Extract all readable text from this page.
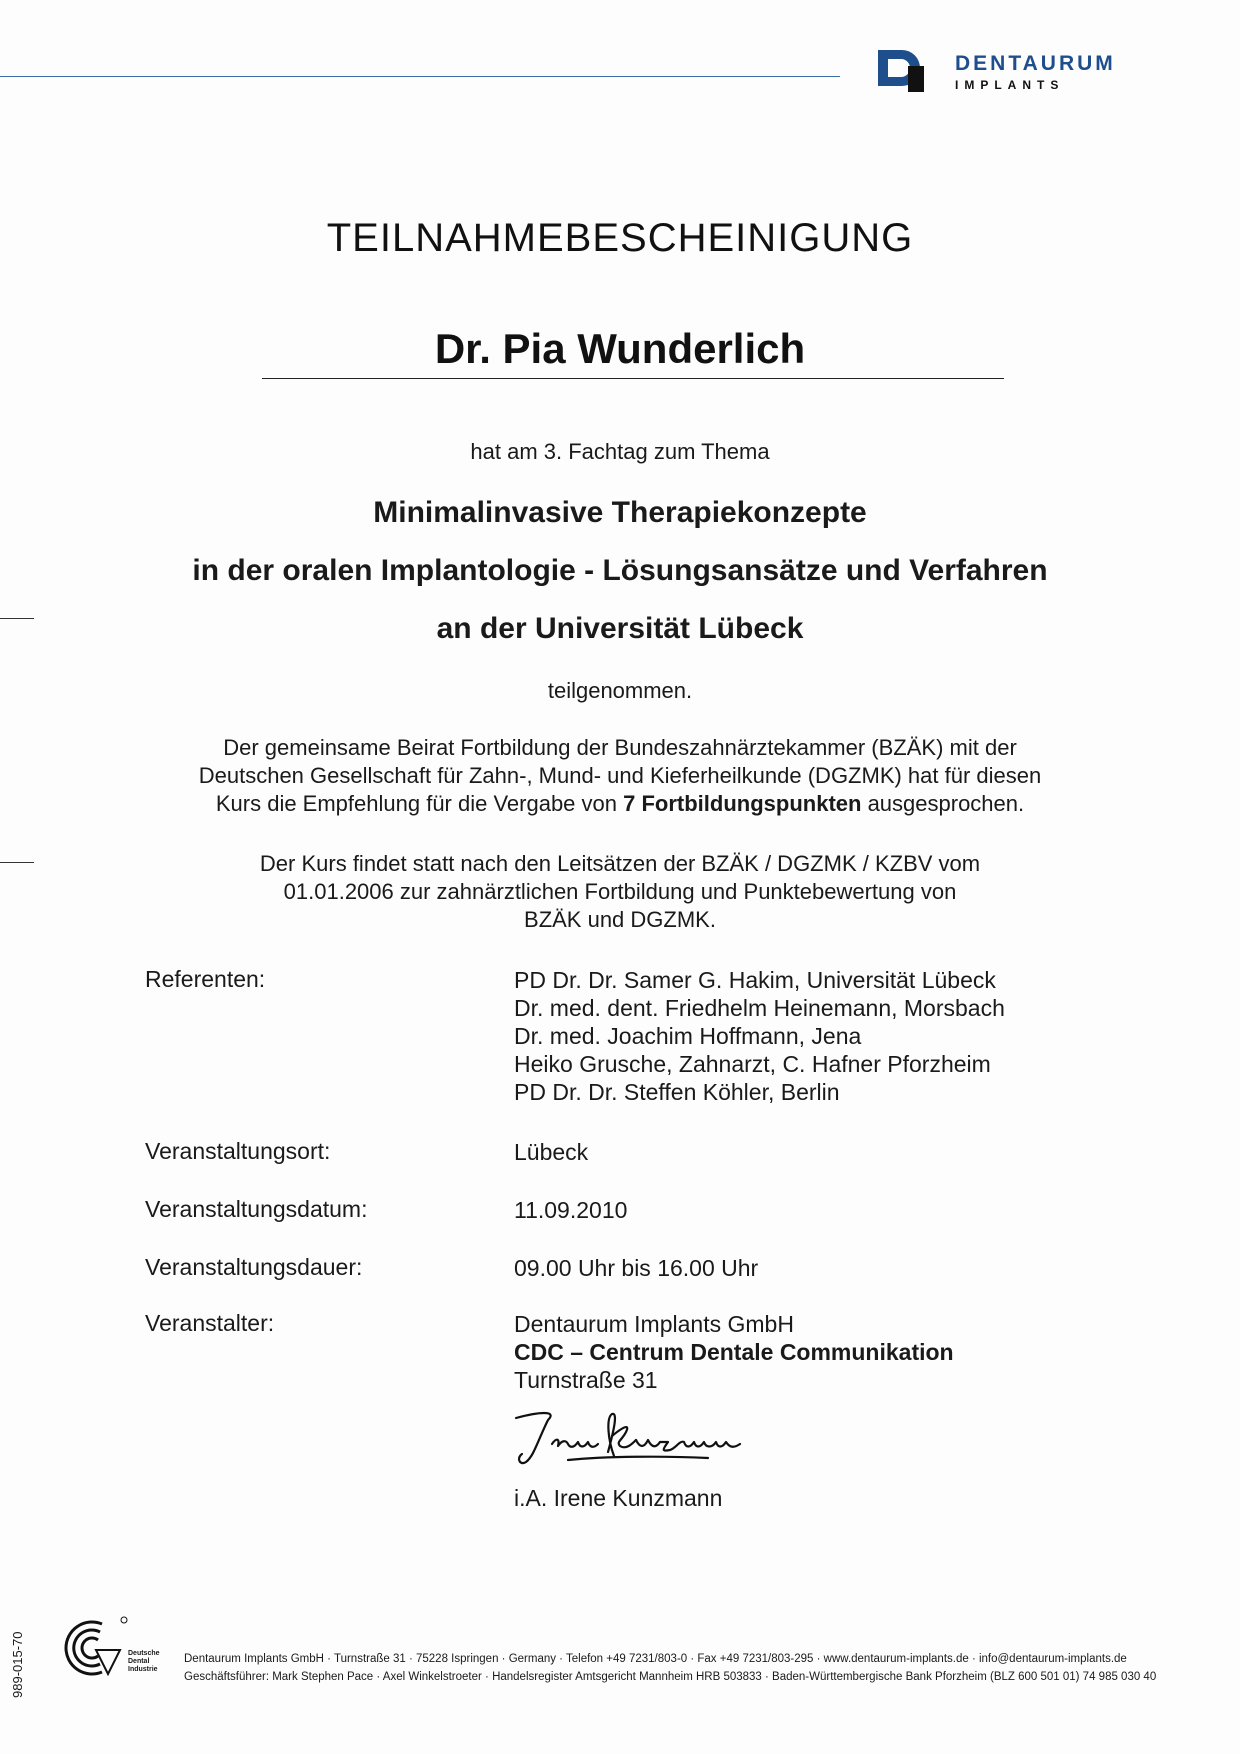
DENTAURUM
IMPLANTS
TEILNAHMEBESCHEINIGUNG
Dr. Pia Wunderlich
hat am 3. Fachtag zum Thema
Minimalinvasive Therapiekonzepte
in der oralen Implantologie - Lösungsansätze und Verfahren
an der Universität Lübeck
teilgenommen.
Der gemeinsame Beirat Fortbildung der Bundeszahnärztekammer (BZÄK) mit der
Deutschen Gesellschaft für Zahn-, Mund- und Kieferheilkunde (DGZMK) hat für diesen
Kurs die Empfehlung für die Vergabe von 7 Fortbildungspunkten ausgesprochen.
Der Kurs findet statt nach den Leitsätzen der BZÄK / DGZMK / KZBV vom
01.01.2006 zur zahnärztlichen Fortbildung und Punktebewertung von
BZÄK und DGZMK.
Referenten:	PD Dr. Dr. Samer G. Hakim, Universität Lübeck
Dr. med. dent. Friedhelm Heinemann, Morsbach
Dr. med. Joachim Hoffmann, Jena
Heiko Grusche, Zahnarzt, C. Hafner Pforzheim
PD Dr. Dr. Steffen Köhler, Berlin
Veranstaltungsort:	Lübeck
Veranstaltungsdatum:	11.09.2010
Veranstaltungsdauer:	09.00 Uhr bis 16.00 Uhr
Veranstalter:	Dentaurum Implants GmbH
CDC – Centrum Dentale Communikation
Turnstraße 31
i.A. Irene Kunzmann
989-015-70	Deutsche
Dental
Industrie
Dentaurum Implants GmbH · Turnstraße 31 · 75228 Ispringen · Germany · Telefon +49 7231/803-0 · Fax +49 7231/803-295 · www.dentaurum-implants.de · info@dentaurum-implants.de
Geschäftsführer: Mark Stephen Pace · Axel Winkelstroeter · Handelsregister Amtsgericht Mannheim HRB 503833 · Baden-Württembergische Bank Pforzheim (BLZ 600 501 01) 74 985 030 40
